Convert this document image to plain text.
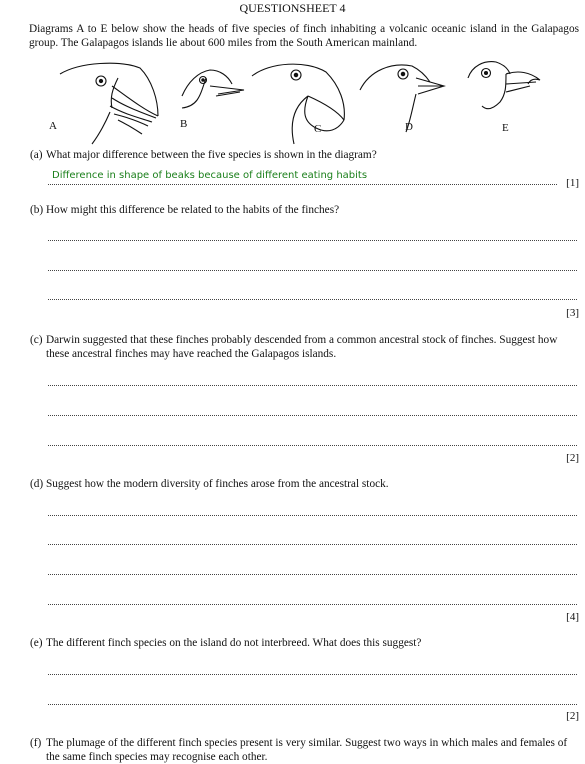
QUESTIONSHEET 4
Diagrams A to E below show the heads of five species of finch inhabiting a volcanic oceanic island in the Galapagos group. The Galapagos islands lie about 600 miles from the South American mainland.
A	B	C	D	E
(a) What major difference between the five species is shown in the diagram?
Difference in shape of beaks because of different eating habits
[1]
(b) How might this difference be related to the habits of the finches?
[3]
(c) Darwin suggested that these finches probably descended from a common ancestral stock of finches. Suggest how these ancestral finches may have reached the Galapagos islands.
[2]
(d) Suggest how the modern diversity of finches arose from the ancestral stock.
[4]
(e) The different finch species on the island do not interbreed. What does this suggest?
[2]
(f) The plumage of the different finch species present is very similar. Suggest two ways in which males and females of the same finch species may recognise each other.
